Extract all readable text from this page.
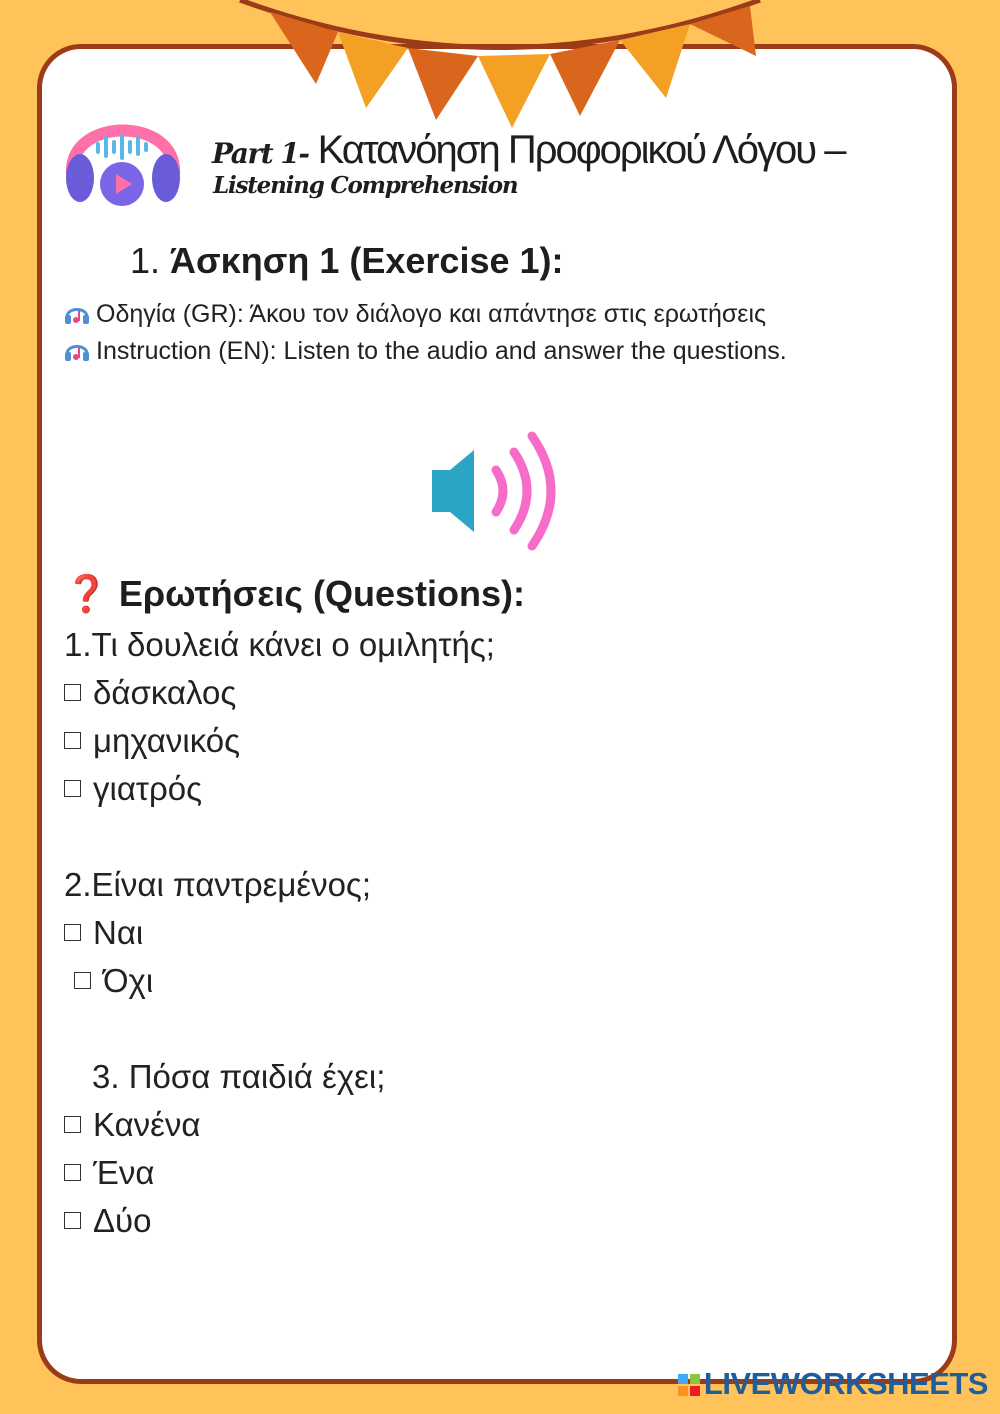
Part 1- Κατανόηση Προφορικού Λόγου –
Listening Comprehension
1. Άσκηση 1 (Exercise 1):
Οδηγία (GR): Άκου τον διάλογο και απάντησε στις ερωτήσεις
Instruction (EN): Listen to the audio and answer the questions.
❓ Ερωτήσεις (Questions):
1.Τι δουλειά κάνει ο ομιλητής;
δάσκαλος
μηχανικός
γιατρός
2.Είναι παντρεμένος;
Ναι
Όχι
3. Πόσα παιδιά έχει;
Κανένα
Ένα
Δύο
LIVEWORKSHEETS
